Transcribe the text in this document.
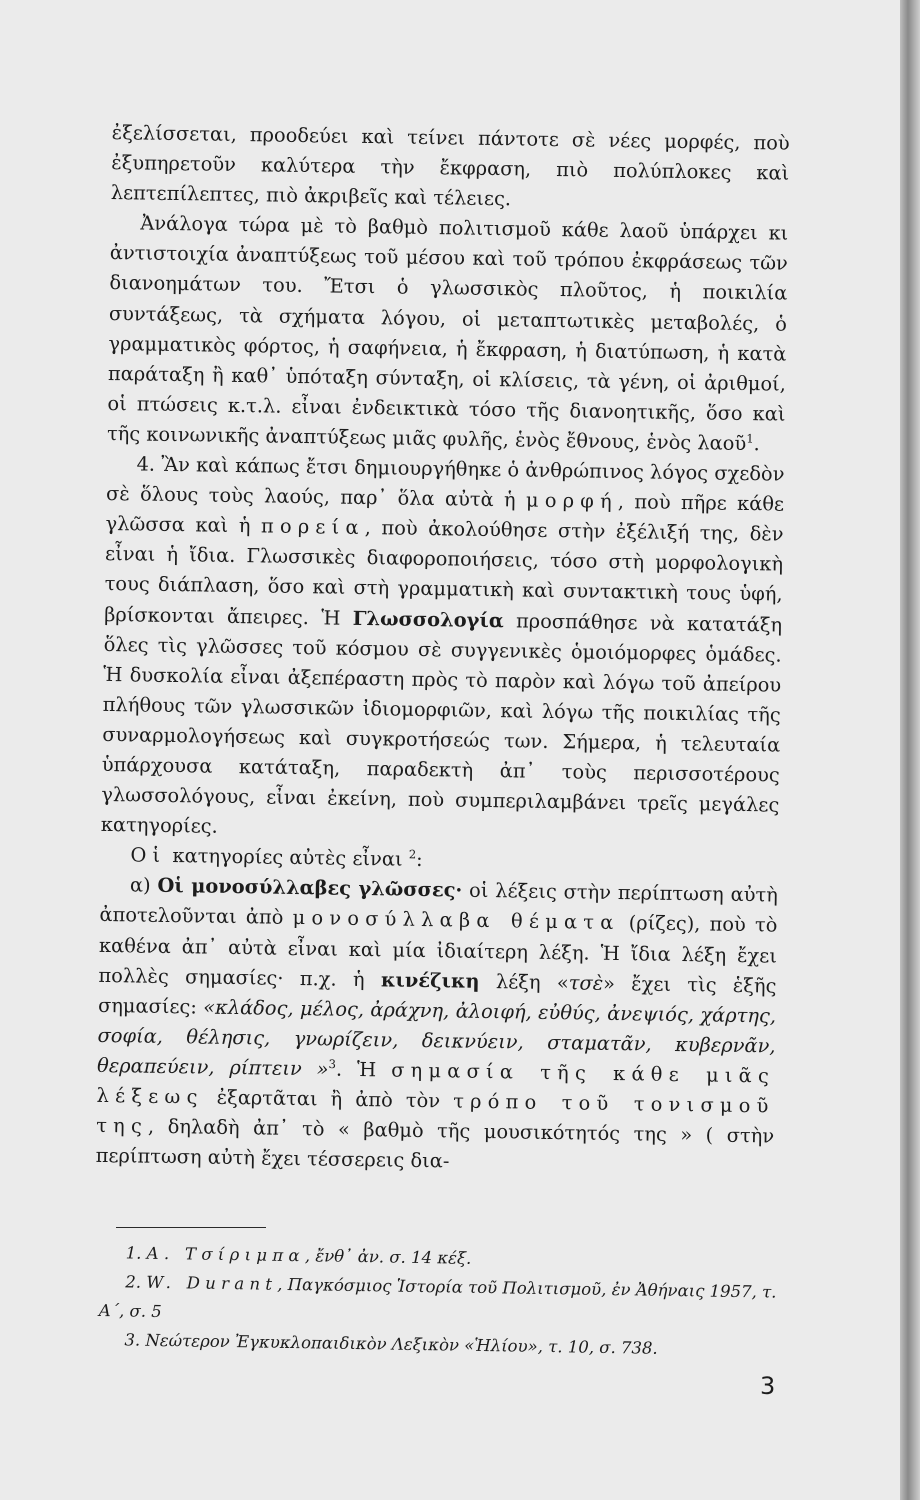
ἐξελίσσεται, προοδεύει καὶ τείνει πάντοτε σὲ νέες μορφές, ποὺ ἐξυπηρετοῦν καλύτερα τὴν ἔκφραση, πιὸ πολύπλοκες καὶ λεπτεπίλεπτες, πιὸ ἀκριβεῖς καὶ τέλειες.

Ἀνάλογα τώρα μὲ τὸ βαθμὸ πολιτισμοῦ κάθε λαοῦ ὑπάρχει κι ἀντιστοιχία ἀναπτύξεως τοῦ μέσου καὶ τοῦ τρόπου ἐκφράσεως τῶν διανοημάτων του. Ἔτσι ὁ γλωσσικὸς πλοῦτος, ἡ ποικιλία συντάξεως, τὰ σχήματα λόγου, οἱ μεταπτωτικὲς μεταβολές, ὁ γραμματικὸς φόρτος, ἡ σαφήνεια, ἡ ἔκφραση, ἡ διατύπωση, ἡ κατὰ παράταξη ἢ καθ᾽ ὑπόταξη σύνταξη, οἱ κλίσεις, τὰ γένη, οἱ ἀριθμοί, οἱ πτώσεις κ.τ.λ. εἶναι ἐνδεικτικὰ τόσο τῆς διανοητικῆς, ὅσο καὶ τῆς κοινωνικῆς ἀναπτύξεως μιᾶς φυλῆς, ἑνὸς ἔθνους, ἑνὸς λαοῦ$^1$.

4. Ἂν καὶ κάπως ἔτσι δημιουργήθηκε ὁ ἀνθρώπινος λόγος σχεδὸν σὲ ὅλους τοὺς λαούς, παρ᾽ ὅλα αὐτὰ ἡ μορφή, ποὺ πῆρε κάθε γλῶσσα καὶ ἡ πορεία, ποὺ ἀκολούθησε στὴν ἐξέλιξή της, δὲν εἶναι ἡ ἴδια. Γλωσσικὲς διαφοροποιήσεις, τόσο στὴ μορφολογικὴ τους διάπλαση, ὅσο καὶ στὴ γραμματικὴ καὶ συντακτικὴ τους ὑφή, βρίσκονται ἄπειρες. Ἡ Γλωσσολογία προσπάθησε νὰ κατατάξη ὅλες τὶς γλῶσσες τοῦ κόσμου σὲ συγγενικὲς ὁμοιόμορφες ὁμάδες. Ἡ δυσκολία εἶναι ἀξεπέραστη πρὸς τὸ παρὸν καὶ λόγω τοῦ ἀπείρου πλήθους τῶν γλωσσικῶν ἰδιομορφιῶν, καὶ λόγω τῆς ποικιλίας τῆς συναρμολογήσεως καὶ συγκροτήσεώς των. Σήμερα, ἡ τελευταία ὑπάρχουσα κατάταξη, παραδεκτὴ ἀπ᾽ τοὺς περισσοτέρους γλωσσολόγους, εἶναι ἐκείνη, ποὺ συμπεριλαμβάνει τρεῖς μεγάλες κατηγορίες.

Οἱ κατηγορίες αὐτὲς εἶναι $^2$:

α) Οἱ μονοσύλλαβες γλῶσσες· οἱ λέξεις στὴν περίπτωση αὐτὴ ἀποτελοῦνται ἀπὸ μονοσύλλαβα θέματα (ρίζες), ποὺ τὸ καθένα ἀπ᾽ αὐτὰ εἶναι καὶ μία ἰδιαίτερη λέξη. Ἡ ἴδια λέξη ἔχει πολλὲς σημασίες· π.χ. ἡ κινέζικη λέξη «τσὲ» ἔχει τὶς ἑξῆς σημασίες: «κλάδος, μέλος, ἀράχνη, ἀλοιφή, εὐθύς, ἀνεψιός, χάρτης, σοφία, θέλησις, γνωρίζειν, δεικνύειν, σταματᾶν, κυβερνᾶν, θεραπεύειν, ρίπτειν »$^3$. Ἡ σημασία τῆς κάθε μιᾶς λέξεως ἐξαρτᾶται ἢ ἀπὸ τὸν τρόπο τοῦ τονισμοῦ της, δηλαδὴ ἀπ᾽ τὸ « βαθμὸ τῆς μουσικότητός της » ( στὴν περίπτωση αὐτὴ ἔχει τέσσερεις δια-

1. Α. Τσίριμπα, ἔνθ᾽ ἀν. σ. 14 κέξ.

2. W. Durant, Παγκόσμιος Ἱστορία τοῦ Πολιτισμοῦ, ἐν Ἀθήναις 1957, τ. Α΄, σ. 5

3. Νεώτερον Ἐγκυκλοπαιδικὸν Λεξικὸν «Ἡλίου», τ. 10, σ. 738.

3
